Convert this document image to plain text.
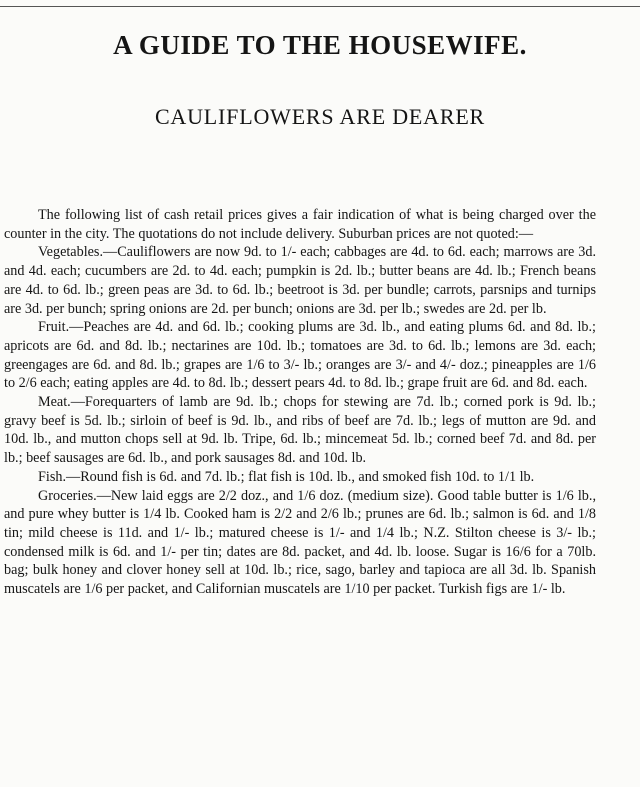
A GUIDE TO THE HOUSEWIFE.
CAULIFLOWERS ARE DEARER

The following list of cash retail prices gives a fair indication of what is being charged over the counter in the city. The quotations do not include delivery. Suburban prices are not quoted:—

Vegetables.—Cauliflowers are now 9d. to 1/- each; cabbages are 4d. to 6d. each; marrows are 3d. and 4d. each; cucumbers are 2d. to 4d. each; pumpkin is 2d. lb.; butter beans are 4d. lb.; French beans are 4d. to 6d. lb.; green peas are 3d. to 6d. lb.; beetroot is 3d. per bundle; carrots, parsnips and turnips are 3d. per bunch; spring onions are 2d. per bunch; onions are 3d. per lb.; swedes are 2d. per lb.

Fruit.—Peaches are 4d. and 6d. lb.; cooking plums are 3d. lb., and eating plums 6d. and 8d. lb.; apricots are 6d. and 8d. lb.; nectarines are 10d. lb.; tomatoes are 3d. to 6d. lb.; lemons are 3d. each; greengages are 6d. and 8d. lb.; grapes are 1/6 to 3/- lb.; oranges are 3/- and 4/- doz.; pineapples are 1/6 to 2/6 each; eating apples are 4d. to 8d. lb.; dessert pears 4d. to 8d. lb.; grape fruit are 6d. and 8d. each.

Meat.—Forequarters of lamb are 9d. lb.; chops for stewing are 7d. lb.; corned pork is 9d. lb.; gravy beef is 5d. lb.; sirloin of beef is 9d. lb., and ribs of beef are 7d. lb.; legs of mutton are 9d. and 10d. lb., and mutton chops sell at 9d. lb. Tripe, 6d. lb.; mincemeat 5d. lb.; corned beef 7d. and 8d. per lb.; beef sausages are 6d. lb., and pork sausages 8d. and 10d. lb.

Fish.—Round fish is 6d. and 7d. lb.; flat fish is 10d. lb., and smoked fish 10d. to 1/1 lb.

Groceries.—New laid eggs are 2/2 doz., and 1/6 doz. (medium size). Good table butter is 1/6 lb., and pure whey butter is 1/4 lb. Cooked ham is 2/2 and 2/6 lb.; prunes are 6d. lb.; salmon is 6d. and 1/8 tin; mild cheese is 11d. and 1/- lb.; matured cheese is 1/- and 1/4 lb.; N.Z. Stilton cheese is 3/- lb.; condensed milk is 6d. and 1/- per tin; dates are 8d. packet, and 4d. lb. loose. Sugar is 16/6 for a 70lb. bag; bulk honey and clover honey sell at 10d. lb.; rice, sago, barley and tapioca are all 3d. lb. Spanish muscatels are 1/6 per packet, and Californian muscatels are 1/10 per packet. Turkish figs are 1/- lb.
